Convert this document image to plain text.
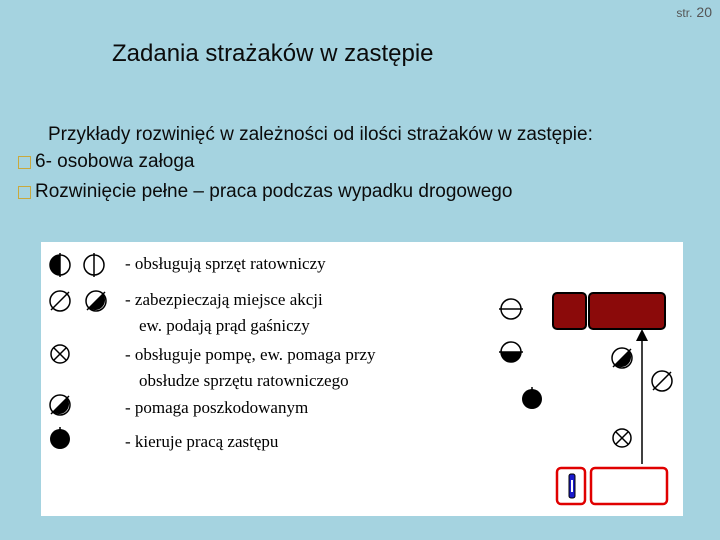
str. 20
Zadania strażaków w zastępie
Przykłady rozwinięć w zależności od ilości strażaków w zastępie:
6- osobowa załoga
Rozwinięcie pełne – praca podczas wypadku drogowego
- obsługują sprzęt ratowniczy
- zabezpieczają miejsce akcji
ew. podają prąd gaśniczy
- obsługuje pompę, ew. pomaga przy
obsłudze sprzętu ratowniczego
- pomaga poszkodowanym
- kieruje pracą zastępu
